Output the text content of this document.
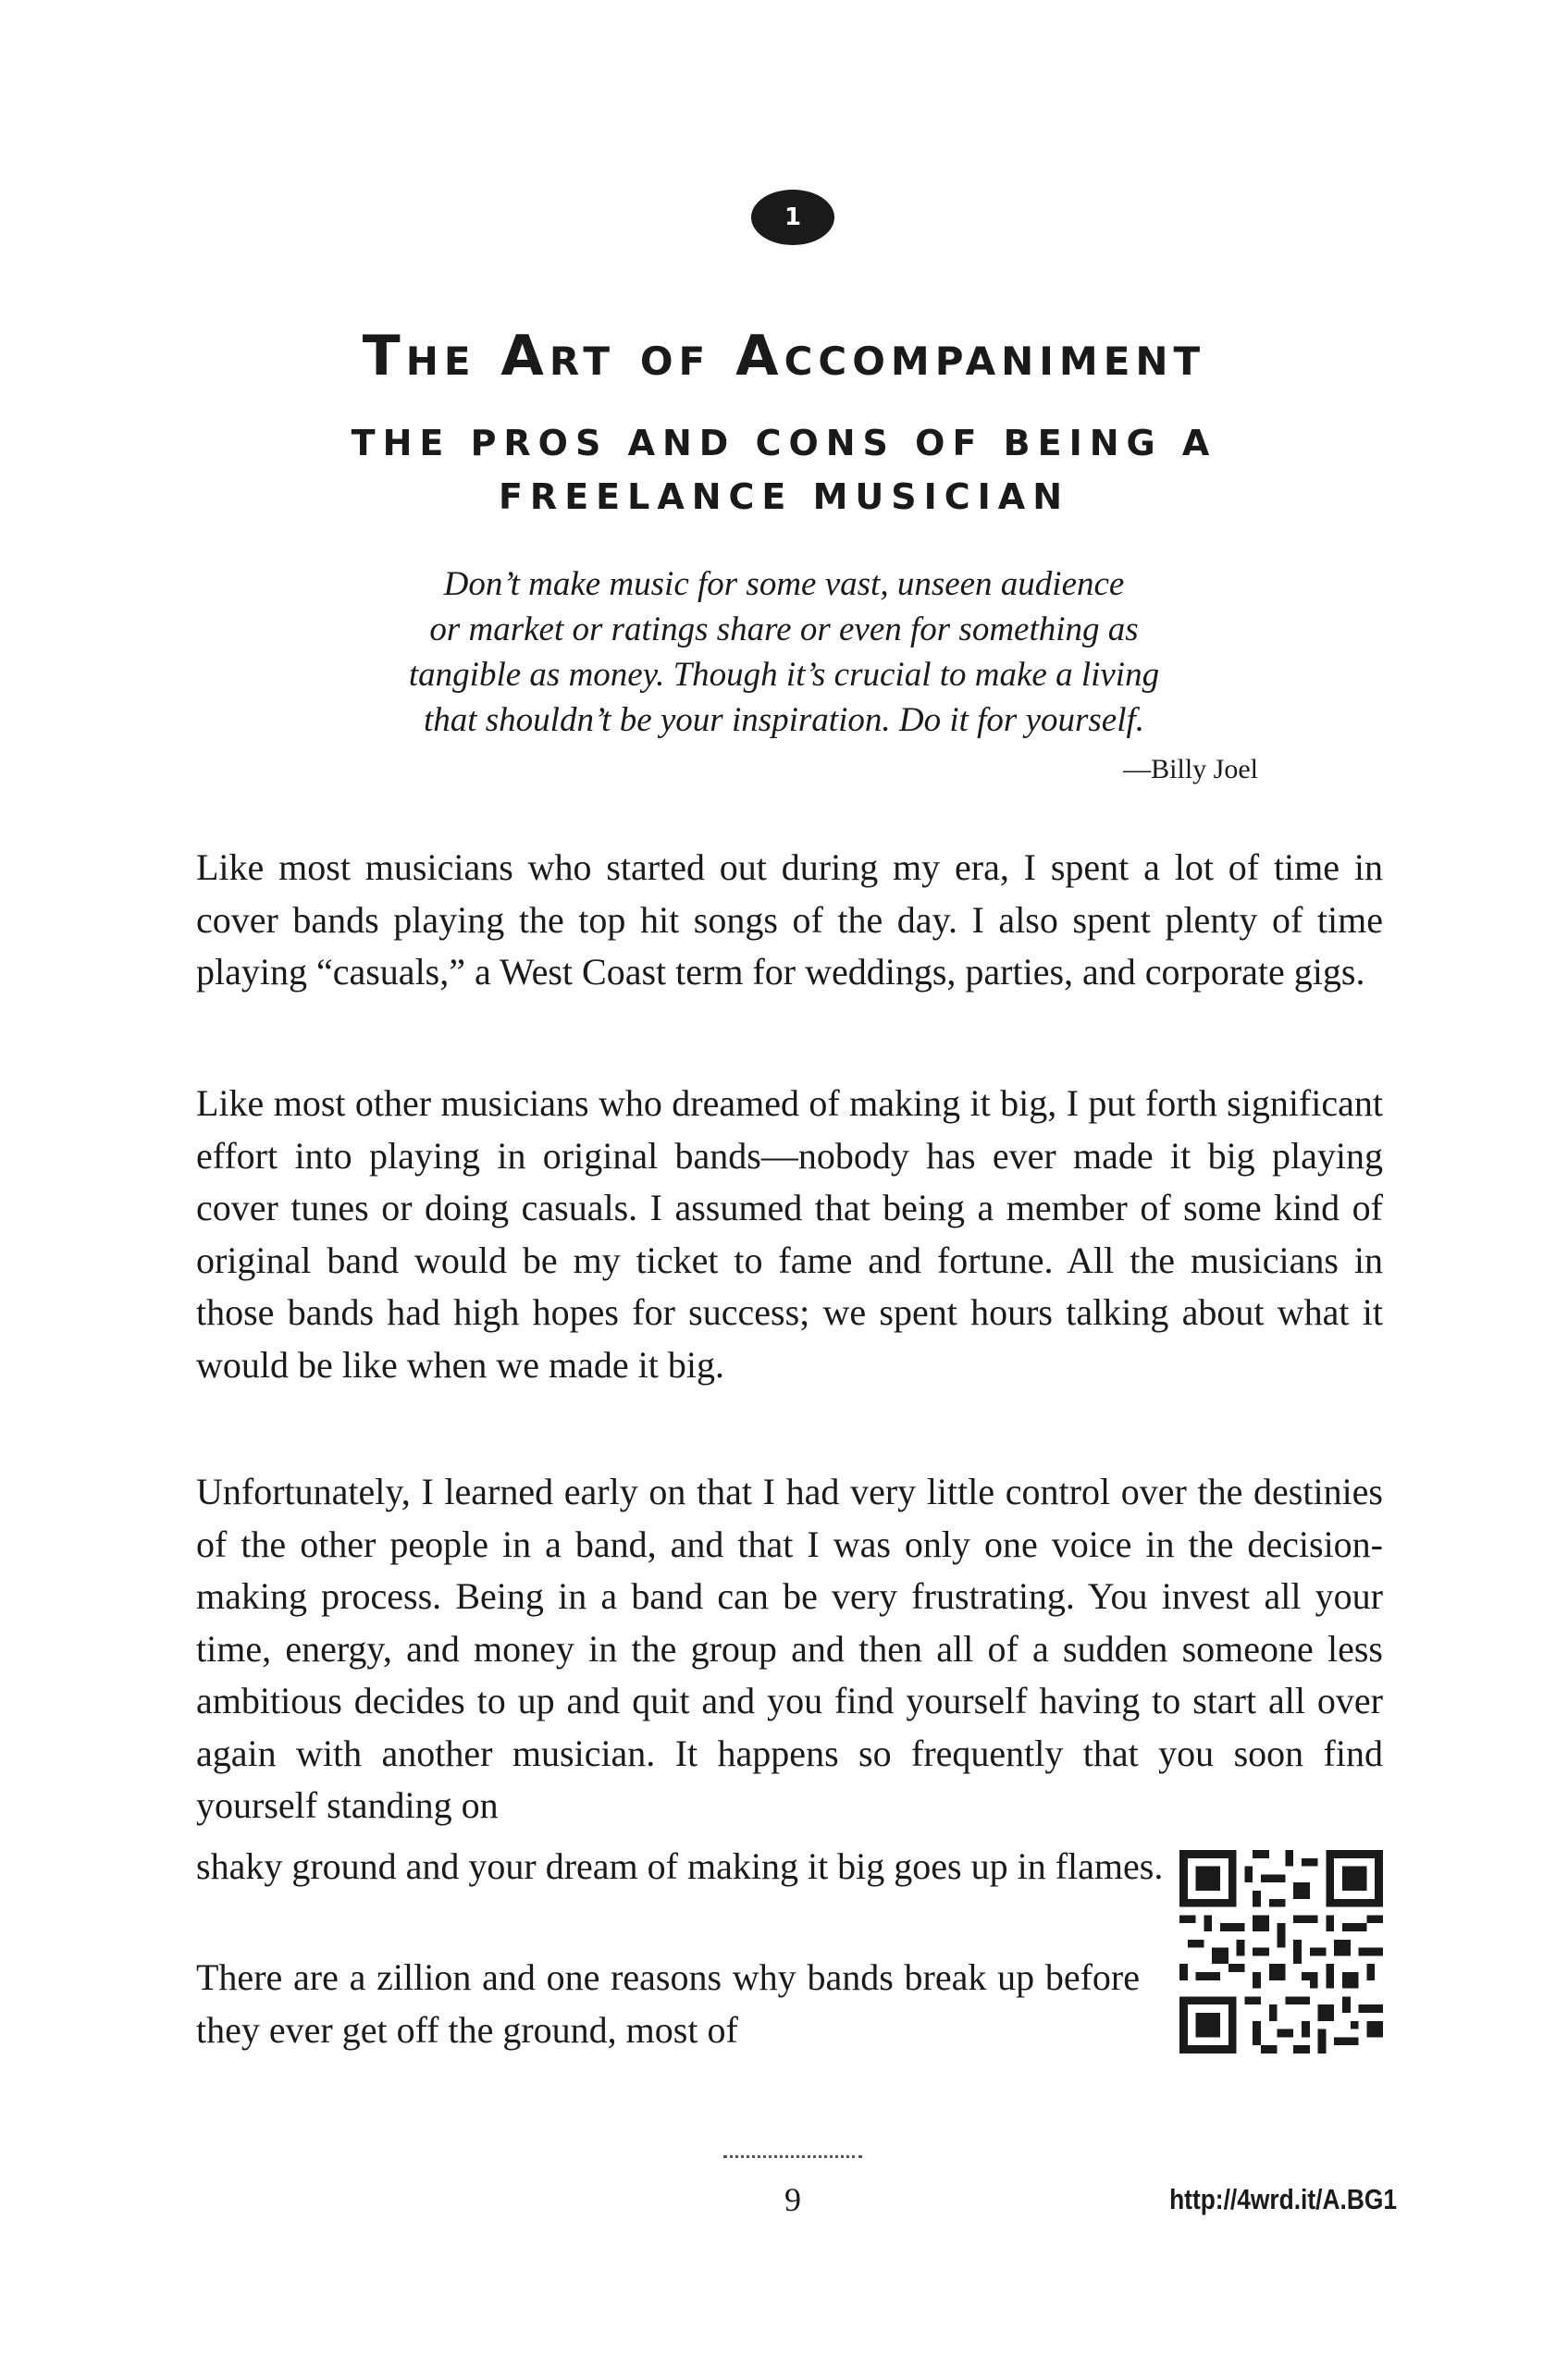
1
The Art of Accompaniment
THE PROS AND CONS OF BEING A FREELANCE MUSICIAN
Don’t make music for some vast, unseen audience
or market or ratings share or even for something as
tangible as money. Though it’s crucial to make a living
that shouldn’t be your inspiration. Do it for yourself.
—Billy Joel

Like most musicians who started out during my era, I spent a lot of time in cover bands playing the top hit songs of the day. I also spent plenty of time playing “casuals,” a West Coast term for weddings, parties, and corporate gigs.

Like most other musicians who dreamed of making it big, I put forth significant effort into playing in original bands—nobody has ever made it big playing cover tunes or doing casuals. I assumed that being a member of some kind of original band would be my ticket to fame and fortune. All the musicians in those bands had high hopes for success; we spent hours talking about what it would be like when we made it big.

Unfortunately, I learned early on that I had very little control over the destinies of the other people in a band, and that I was only one voice in the decision-making process. Being in a band can be very frustrating. You invest all your time, energy, and money in the group and then all of a sudden someone less ambitious decides to up and quit and you find yourself having to start all over again with another musician. It happens so frequently that you soon find yourself standing on

shaky ground and your dream of making it big goes up in flames.

There are a zillion and one reasons why bands break up before they ever get off the ground, most of

9	http://4wrd.it/A.BG1
